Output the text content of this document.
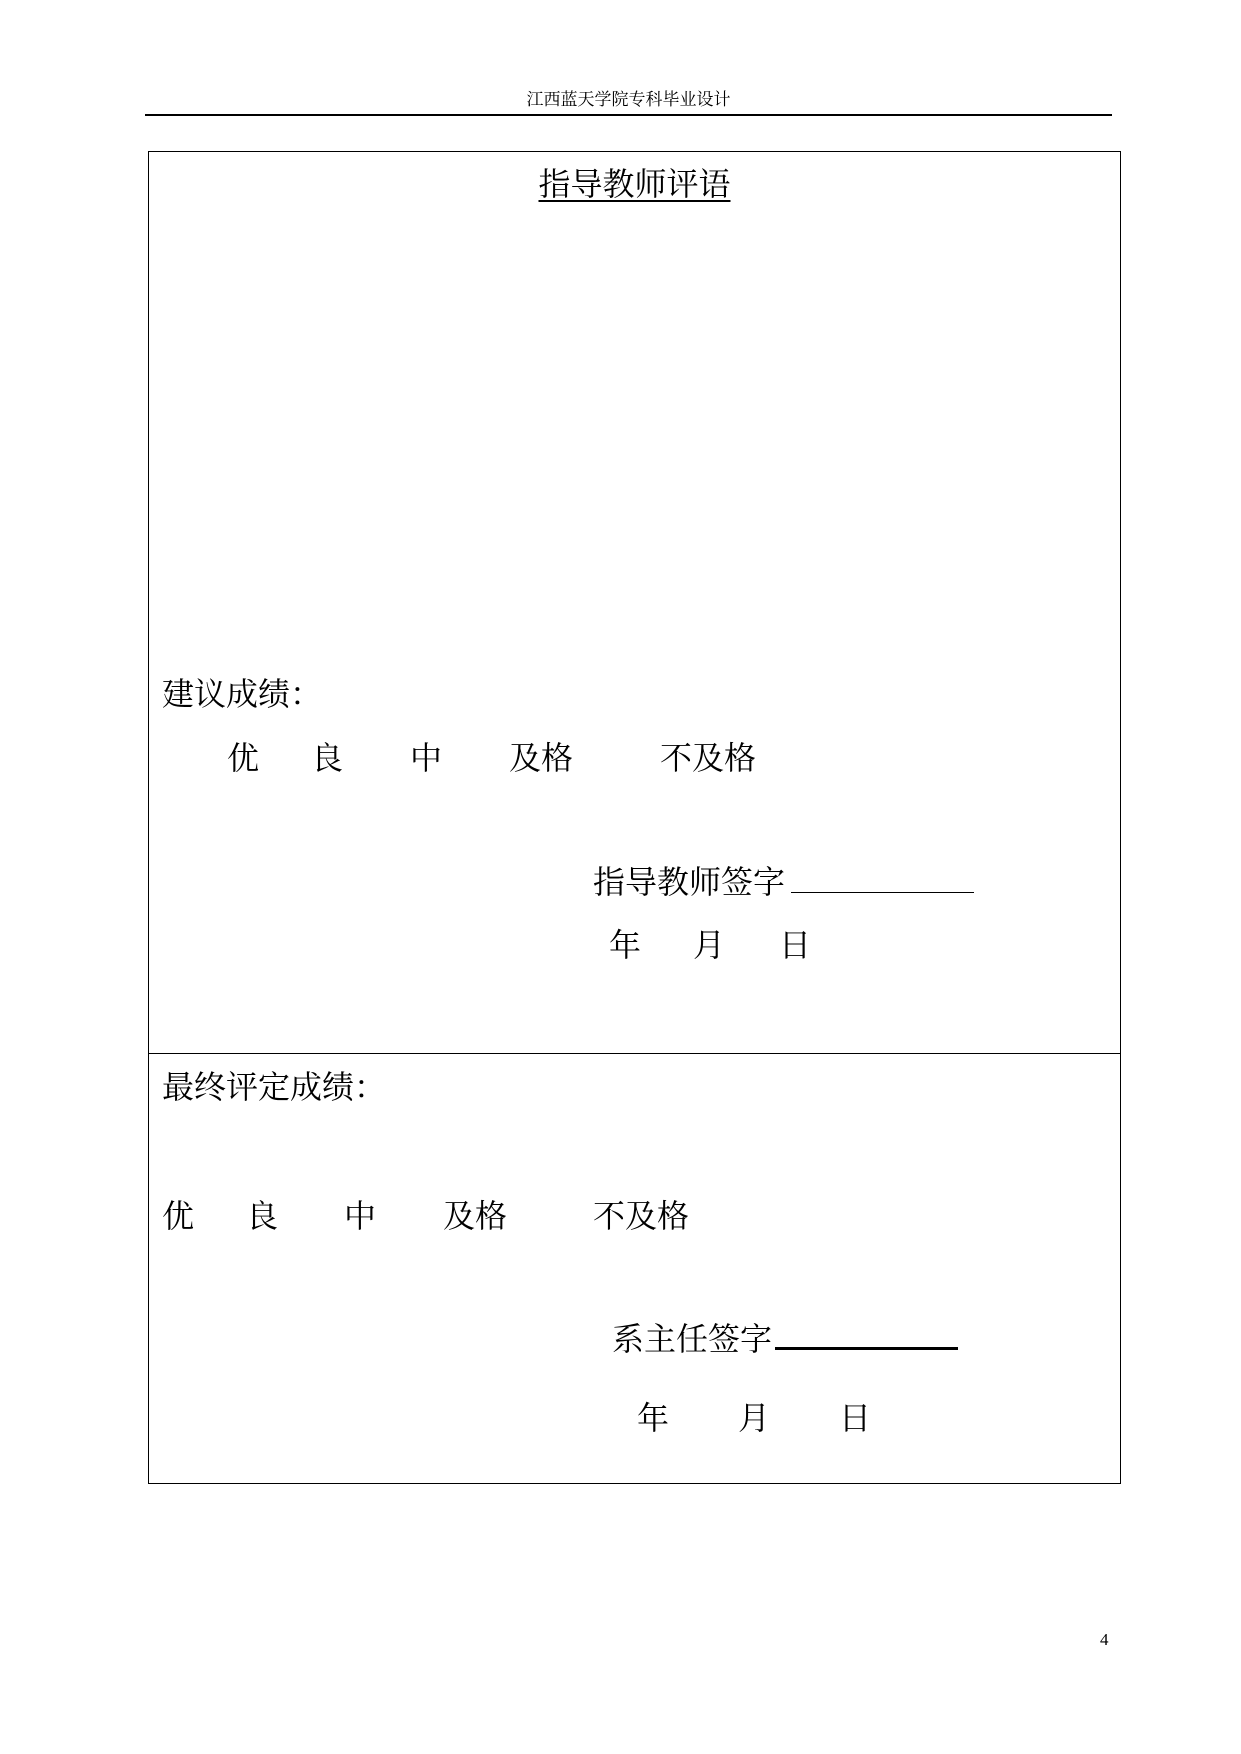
江西蓝天学院专科毕业设计
指导教师评语
建议成绩：
优 良 中 及格	不及格
指导教师签字
年 月 日
最终评定成绩：
优 良 中 及格	不及格
系主任签字
年 月 日
4
